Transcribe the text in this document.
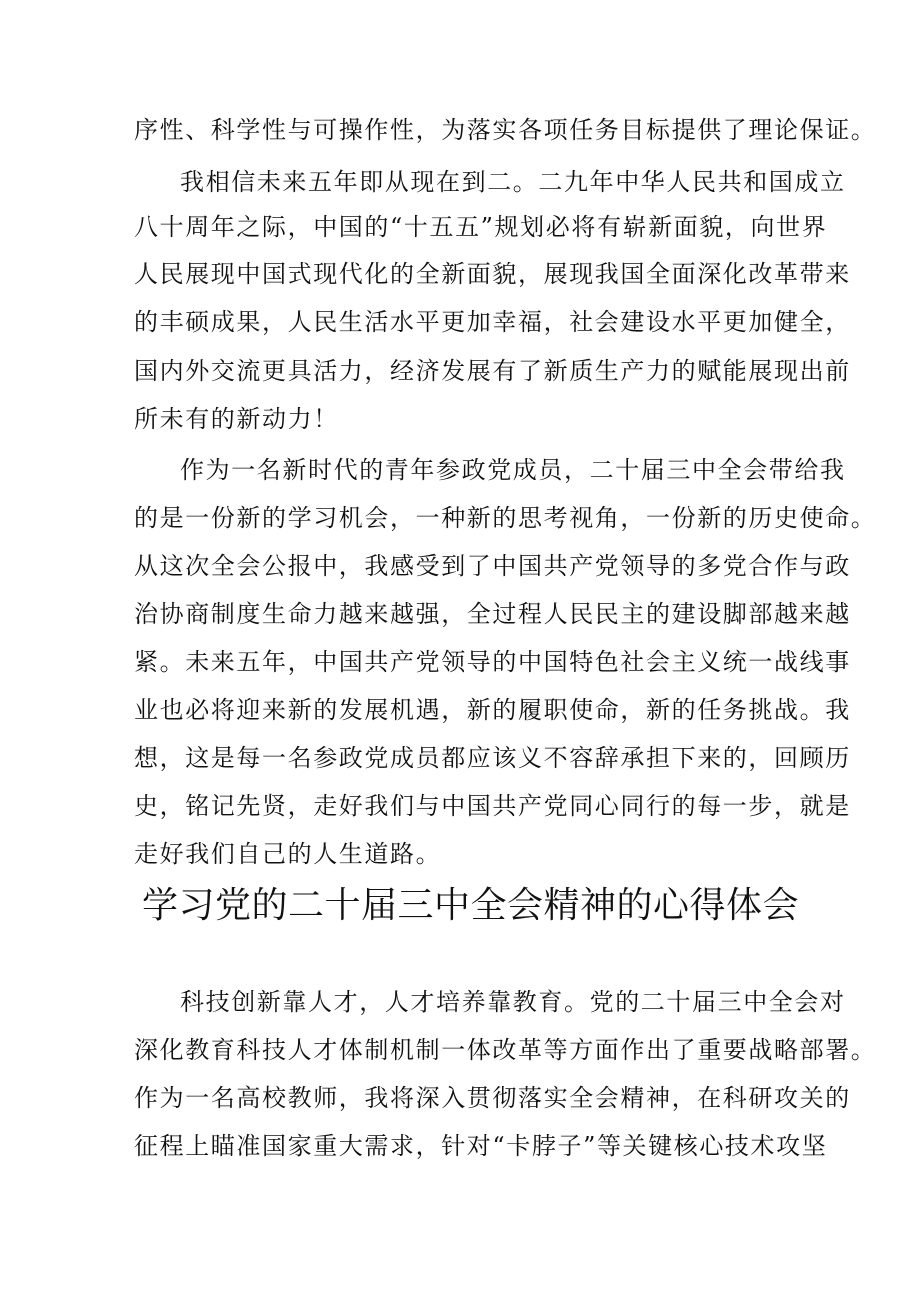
序性、科学性与可操作性，为落实各项任务目标提供了理论保证。
我相信未来五年即从现在到二。二九年中华人民共和国成立
八十周年之际，中国的“十五五”规划必将有崭新面貌，向世界
人民展现中国式现代化的全新面貌，展现我国全面深化改革带来
的丰硕成果，人民生活水平更加幸福，社会建设水平更加健全，
国内外交流更具活力，经济发展有了新质生产力的赋能展现出前
所未有的新动力！
作为一名新时代的青年参政党成员，二十届三中全会带给我
的是一份新的学习机会，一种新的思考视角，一份新的历史使命。
从这次全会公报中，我感受到了中国共产党领导的多党合作与政
治协商制度生命力越来越强，全过程人民民主的建设脚部越来越
紧。未来五年，中国共产党领导的中国特色社会主义统一战线事
业也必将迎来新的发展机遇，新的履职使命，新的任务挑战。我
想，这是每一名参政党成员都应该义不容辞承担下来的，回顾历
史，铭记先贤，走好我们与中国共产党同心同行的每一步，就是
走好我们自己的人生道路。
学习党的二十届三中全会精神的心得体会
科技创新靠人才，人才培养靠教育。党的二十届三中全会对
深化教育科技人才体制机制一体改革等方面作出了重要战略部署。
作为一名高校教师，我将深入贯彻落实全会精神，在科研攻关的
征程上瞄准国家重大需求，针对“卡脖子”等关键核心技术攻坚
